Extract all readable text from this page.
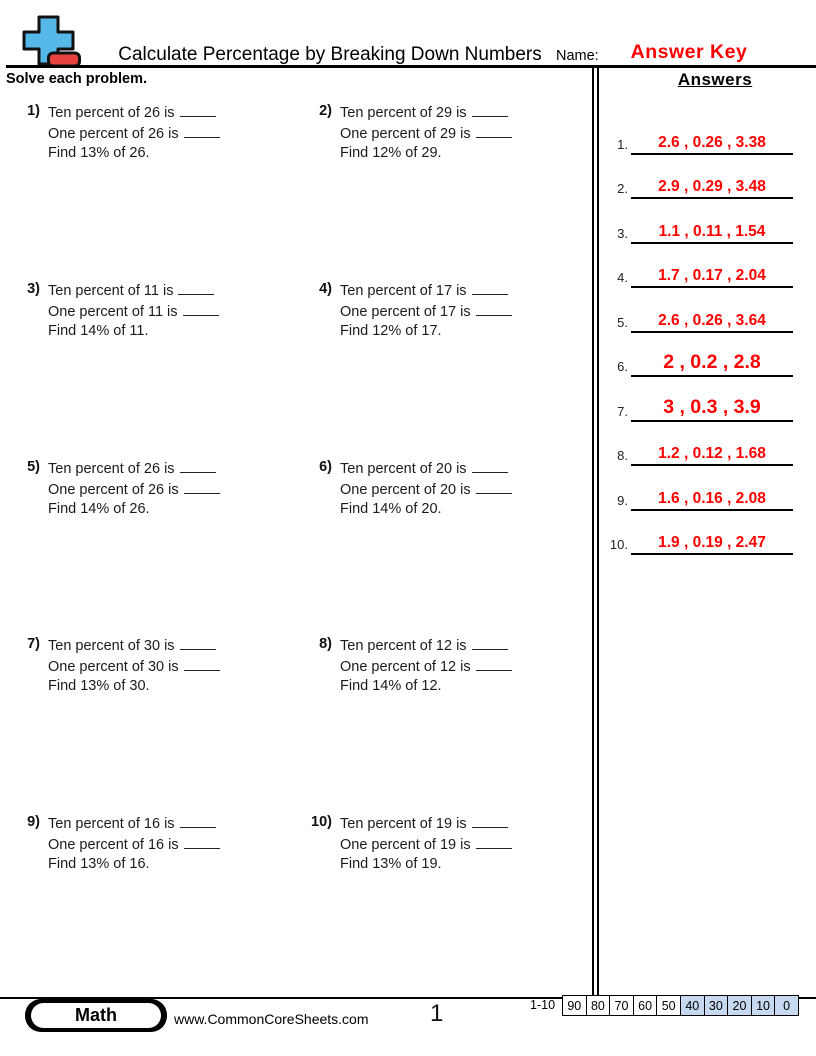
Calculate Percentage by Breaking Down Numbers Name:	Answer Key
Solve each problem.
1) Ten percent of 26 is
One percent of 26 is
Find 13% of 26.
2) Ten percent of 29 is
One percent of 29 is
Find 12% of 29.
3) Ten percent of 11 is
One percent of 11 is
Find 14% of 11.
4) Ten percent of 17 is
One percent of 17 is
Find 12% of 17.
5) Ten percent of 26 is
One percent of 26 is
Find 14% of 26.
6) Ten percent of 20 is
One percent of 20 is
Find 14% of 20.
7) Ten percent of 30 is
One percent of 30 is
Find 13% of 30.
8) Ten percent of 12 is
One percent of 12 is
Find 14% of 12.
9) Ten percent of 16 is
One percent of 16 is
Find 13% of 16.
10) Ten percent of 19 is
One percent of 19 is
Find 13% of 19.
Answers
1.	2.6 , 0.26 , 3.38
2.	2.9 , 0.29 , 3.48
3.	1.1 , 0.11 , 1.54
4.	1.7 , 0.17 , 2.04
5.	2.6 , 0.26 , 3.64
6.	2 , 0.2 , 2.8
7.	3 , 0.3 , 3.9
8.	1.2 , 0.12 , 1.68
9.	1.6 , 0.16 , 2.08
10.	1.9 , 0.19 , 2.47
Math	www.CommonCoreSheets.com	1	1-10 90 80 70 60 50 40 30 20 10	0
